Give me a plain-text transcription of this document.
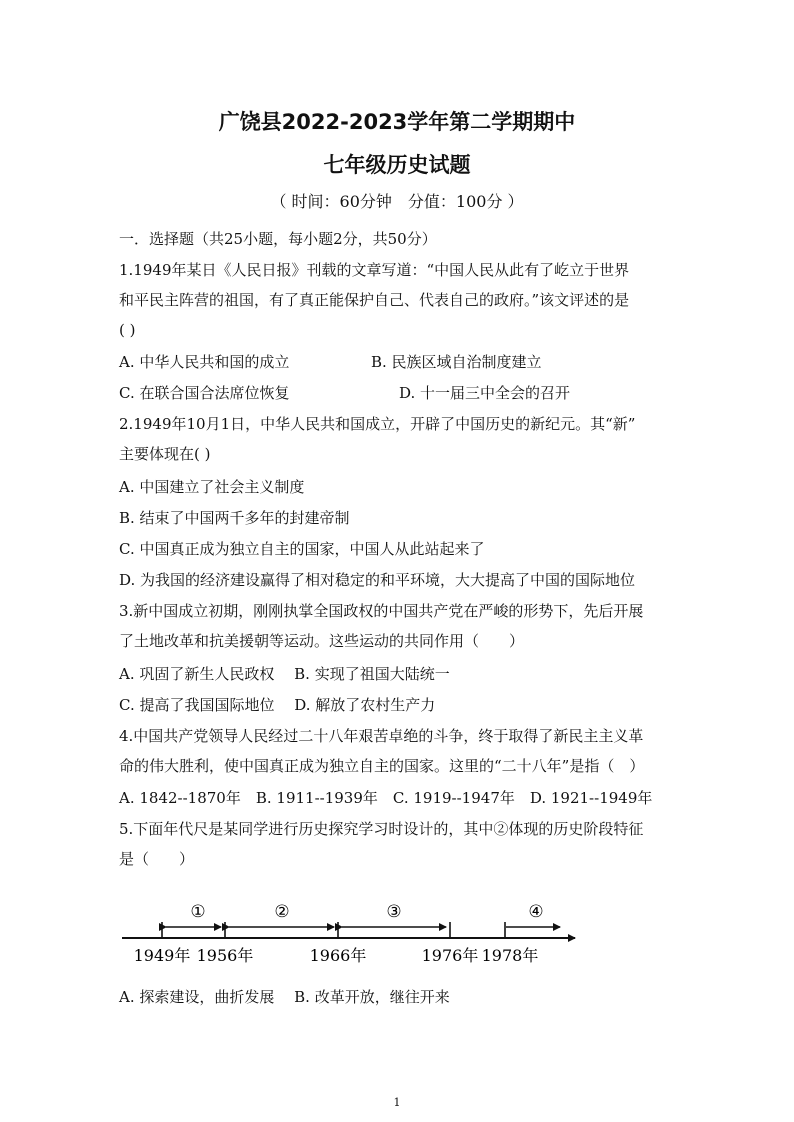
广饶县2022-2023学年第二学期期中
七年级历史试题
（ 时间：60分钟　分值：100分 ）
一．选择题（共25小题，每小题2分，共50分）
1.1949年某日《人民日报》刊载的文章写道：“中国人民从此有了屹立于世界
和平民主阵营的祖国，有了真正能保护自己、代表自己的政府。”该文评述的是
( )
A. 中华人民共和国的成立	B. 民族区域自治制度建立
C. 在联合国合法席位恢复	D. 十一届三中全会的召开
2.1949年10月1日，中华人民共和国成立，开辟了中国历史的新纪元。其“新”
主要体现在( )
A. 中国建立了社会主义制度
B. 结束了中国两千多年的封建帝制
C. 中国真正成为独立自主的国家，中国人从此站起来了
D. 为我国的经济建设赢得了相对稳定的和平环境，大大提高了中国的国际地位
3.新中国成立初期，刚刚执掌全国政权的中国共产党在严峻的形势下，先后开展
了土地改革和抗美援朝等运动。这些运动的共同作用（　　）
A. 巩固了新生人民政权　 B. 实现了祖国大陆统一
C. 提高了我国国际地位　 D. 解放了农村生产力
4.中国共产党领导人民经过二十八年艰苦卓绝的斗争，终于取得了新民主主义革
命的伟大胜利，使中国真正成为独立自主的国家。这里的“二十八年”是指（　）
A. 1842--1870年　B. 1911--1939年　C. 1919--1947年　D. 1921--1949年
5.下面年代尺是某同学进行历史探究学习时设计的，其中②体现的历史阶段特征
是（　　）
①	②	③	④
1949年 1956年	1966年	1976年 1978年
A. 探索建设，曲折发展　 B. 改革开放，继往开来
1
